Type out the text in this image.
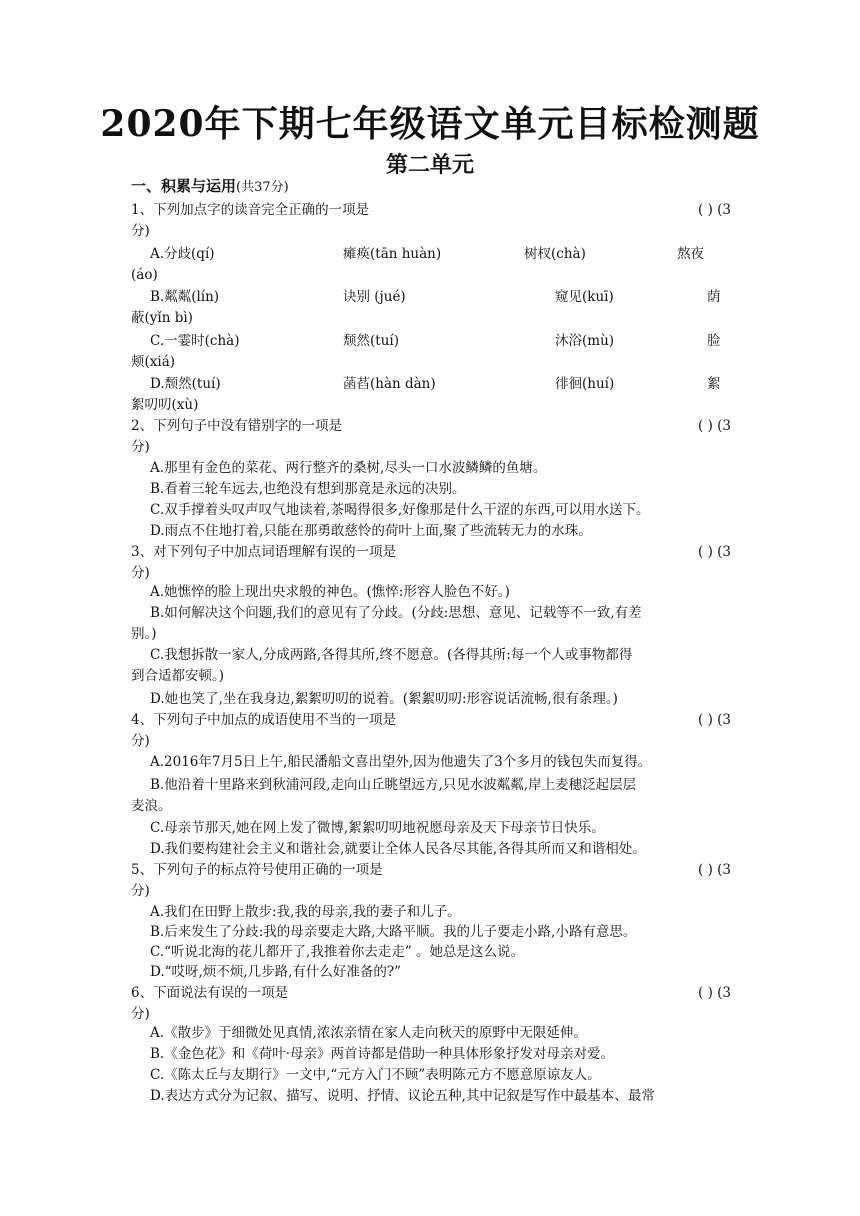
2020年下期七年级语文单元目标检测题
第二单元
一、积累与运用(共37分)
1、下列加点字的读音完全正确的一项是	( ) (3
分)
A.分歧(qí)	瘫痪(tān huàn)	树杈(chà)	熬夜
(áo)
B.粼粼(lín)	诀别 (jué)	窥见(kuī)	荫
蔽(yǐn bì)
C.一霎时(chà)	颓然(tuí)	沐浴(mù)	脸
颊(xiá)
D.颓然(tuí)	菡萏(hàn dàn)	徘徊(huí)	絮
絮叨叨(xù)
2、下列句子中没有错别字的一项是	( ) (3
分)
A.那里有金色的菜花、两行整齐的桑树,尽头一口水波鳞鳞的鱼塘。
B.看着三轮车远去,也绝没有想到那竟是永远的决别。
C.双手撑着头叹声叹气地读着,茶喝得很多,好像那是什么干涩的东西,可以用水送下。
D.雨点不住地打着,只能在那勇敢慈怜的荷叶上面,聚了些流转无力的水珠。
3、对下列句子中加点词语理解有误的一项是	( ) (3
分)
A.她憔悴的脸上现出央求般的神色。(憔悴:形容人脸色不好。)
B.如何解决这个问题,我们的意见有了分歧。(分歧:思想、意见、记载等不一致,有差
别。)
C.我想拆散一家人,分成两路,各得其所,终不愿意。(各得其所:每一个人或事物都得
到合适都安顿。)
D.她也笑了,坐在我身边,絮絮叨叨的说着。(絮絮叨叨:形容说话流畅,很有条理。)
4、下列句子中加点的成语使用不当的一项是	( ) (3
分)
A.2016年7月5日上午,船民潘船文喜出望外,因为他遗失了3个多月的钱包失而复得。
B.他沿着十里路来到秋浦河段,走向山丘眺望远方,只见水波粼粼,岸上麦穗泛起层层
麦浪。
C.母亲节那天,她在网上发了微博,絮絮叨叨地祝愿母亲及天下母亲节日快乐。
D.我们要构建社会主义和谐社会,就要让全体人民各尽其能,各得其所而又和谐相处。
5、下列句子的标点符号使用正确的一项是	( ) (3
分)
A.我们在田野上散步:我,我的母亲,我的妻子和儿子。
B.后来发生了分歧:我的母亲要走大路,大路平顺。我的儿子要走小路,小路有意思。
C.“听说北海的花儿都开了,我推着你去走走” 。她总是这么说。
D.“哎呀,烦不烦,几步路,有什么好准备的?”
6、下面说法有误的一项是	( ) (3
分)
A.《散步》于细微处见真情,浓浓亲情在家人走向秋天的原野中无限延伸。
B.《金色花》和《荷叶·母亲》两首诗都是借助一种具体形象抒发对母亲对爱。
C.《陈太丘与友期行》一文中,“元方入门不顾”表明陈元方不愿意原谅友人。
D.表达方式分为记叙、描写、说明、抒情、议论五种,其中记叙是写作中最基本、最常
